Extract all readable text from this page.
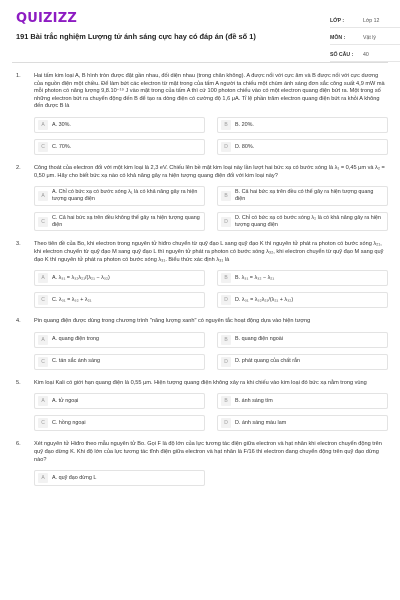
QUIZIZZ
191 Bài trắc nghiệm Lượng tử ánh sáng cực hay có đáp án (đề số 1)
LỚP :	Lớp 12
MÔN :	Vật lý
SỐ CÂU :	40
1. Hai tấm kim loại A, B hình tròn được đặt gần nhau, đối diện nhau (trong chân không). A được nối với cực âm và B được nối với cực dương của nguồn điện một chiều. Để làm bứt các electron từ mặt trong của tấm A người ta chiếu một chùm ánh sáng đơn sắc công suất 4,9 mW mà mỗi photon có năng lượng 9,8.10⁻¹⁹ J vào mặt trong của tấm A thì cứ 100 photon chiếu vào có một electron quang điện bứt ra. Một trong số những electron bứt ra chuyển động đến B để tạo ra dòng điện có cường độ 1,6 μA. Tỉ lệ phần trăm electron quang điện bứt ra khỏi A không đến được B là
A	A. 30%.	B	B. 20%.
C	C. 70%.	D	D. 80%.
2. Công thoát của electron đối với một kim loại là 2,3 eV. Chiếu lên bề mặt kim loại này lần lượt hai bức xạ có bước sóng là λ₁ = 0,45 μm và λ₂ = 0,50 μm. Hãy cho biết bức xạ nào có khả năng gây ra hiện tượng quang điện đối với kim loại này?
A
A. Chỉ có bức xạ có bước sóng λ₁ là có khả năng gây ra hiện tượng quang điện	B
B. Cả hai bức xạ trên đều có thể gây ra hiện tượng quang điện
C
C. Cả hai bức xạ trên đều không thể gây ra hiện tượng quang điện	D
D. Chỉ có bức xạ có bước sóng λ₂ là có khả năng gây ra hiện tượng quang điện
3. Theo tiên đề của Bo, khi electron trong nguyên tử hiđro chuyển từ quỹ đạo L sang quỹ đạo K thì nguyên tử phát ra photon có bước sóng λ₂₁, khi electron chuyển từ quỹ đạo M sang quỹ đạo L thì nguyên tử phát ra photon có bước sóng λ₃₂, khi electron chuyển từ quỹ đạo M sang quỹ đạo K thì nguyên tử phát ra photon có bước sóng λ₃₁. Biểu thức xác định λ₃₁ là
A	A. λ₃₁ = λ₃₂λ₂₁/(λ₂₁ − λ₃₂)	B	B. λ₃₁ = λ₃₂ − λ₂₁
C	C. λ₃₁ = λ₃₂ + λ₂₁	D	D. λ₃₁ = λ₃₂λ₂₁/(λ₂₁ + λ₃₂)
4. Pin quang điện được dùng trong chương trình "năng lượng xanh" có nguyên tắc hoạt động dựa vào hiện tượng
A	A. quang điện trong	B	B. quang điện ngoài
C	C. tán sắc ánh sáng	D	D. phát quang của chất rắn
5. Kim loại Kali có giới hạn quang điện là 0,55 μm. Hiện tượng quang điện không xảy ra khi chiếu vào kim loại đó bức xạ nằm trong vùng
A	A. tử ngoại	B	B. ánh sáng tím
C	C. hồng ngoại	D	D. ánh sáng màu lam
6. Xét nguyên tử Hiđro theo mẫu nguyên tử Bo. Gọi F là độ lớn của lực tương tác điện giữa electron và hạt nhân khi electron chuyển động trên quỹ đạo dừng K. Khi độ lớn của lực tương tác tĩnh điện giữa electron và hạt nhân là F/16 thì electron đang chuyển động trên quỹ đạo dừng nào?
A	A. quỹ đạo dừng L
